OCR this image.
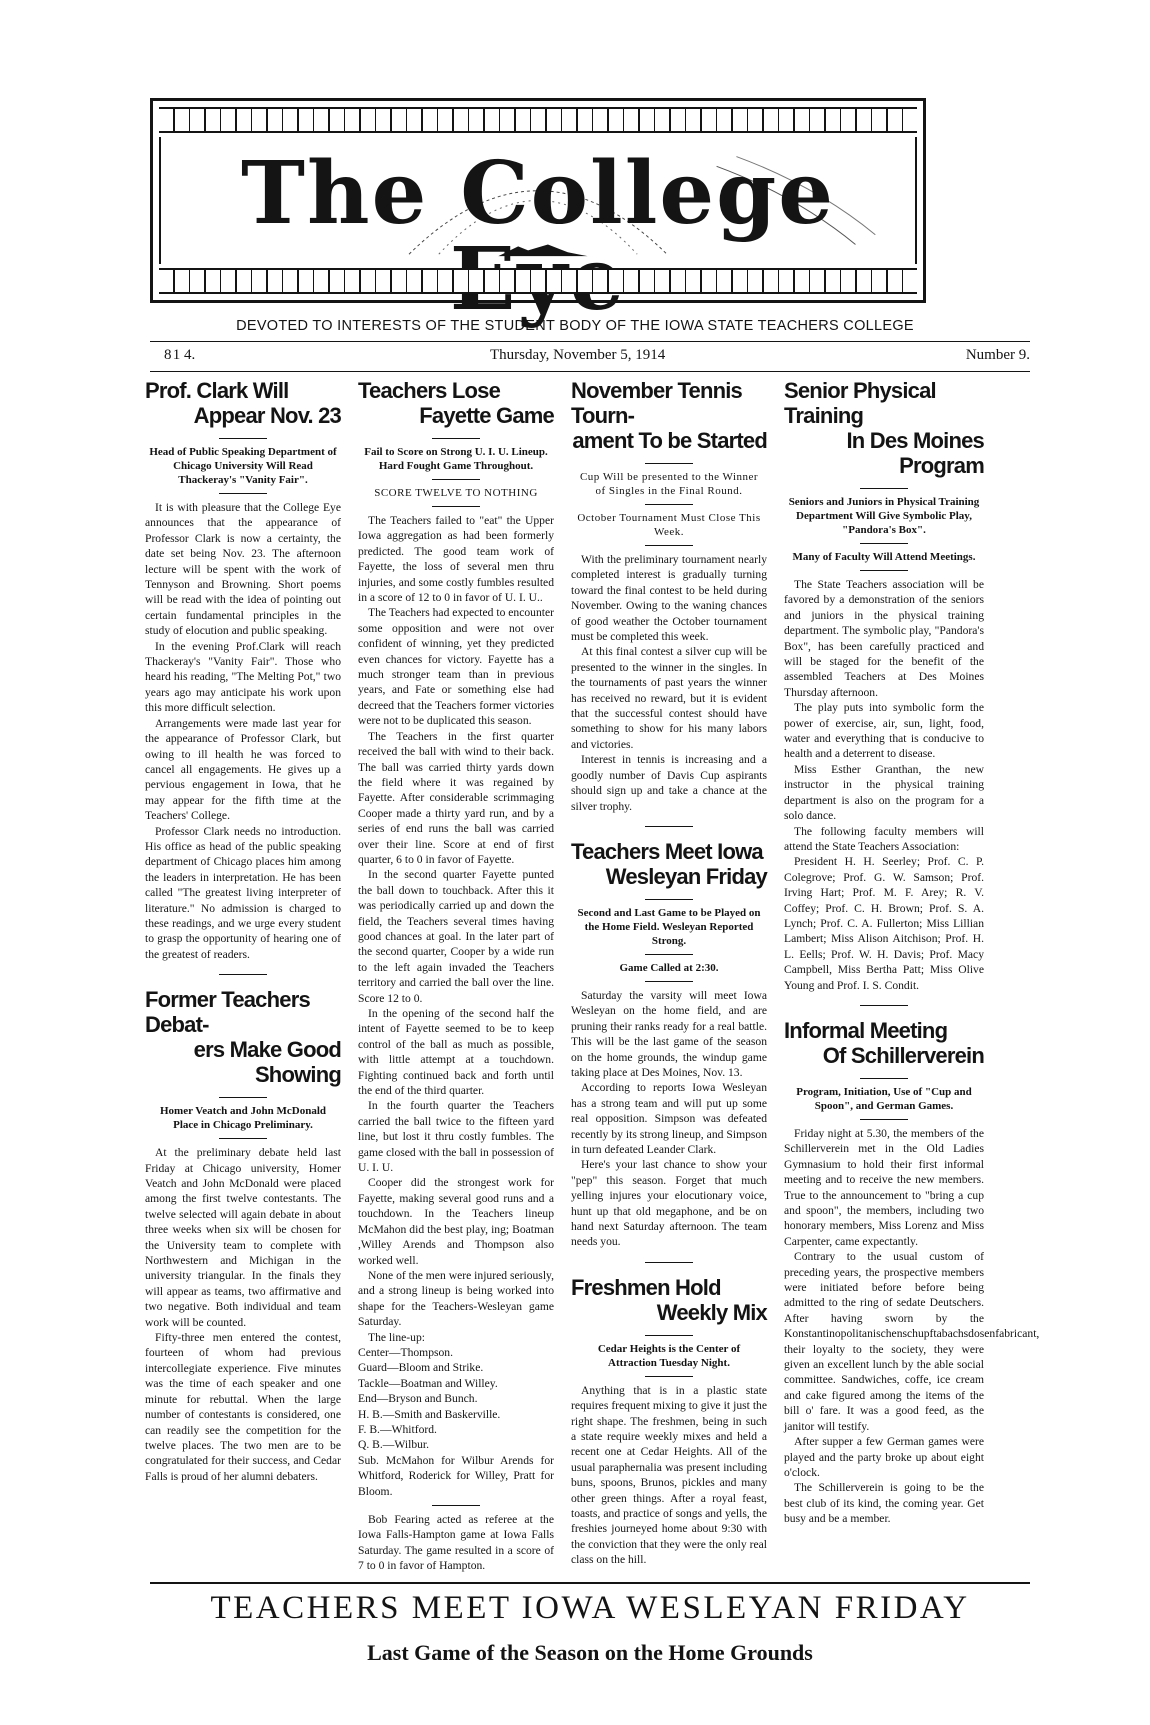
The College
DEVOTED TO INTERESTS OF THE STUDENT BODY OF THE IOWA STATE TEACHERS COLLEGE
8 1 4.	Thursday, November 5, 1914	Number 9.
Prof. Clark Will
Appear Nov. 23
Head of Public Speaking Department of Chicago University Will Read Thackeray's "Vanity Fair".

It is with pleasure that the College Eye announces that the appearance of Professor Clark is now a certainty, the date set being Nov. 23. The afternoon lecture will be spent with the work of Tennyson and Browning. Short poems will be read with the idea of pointing out certain fundamental principles in the study of elocution and public speaking.

In the evening Prof.Clark will reach Thackeray's "Vanity Fair". Those who heard his reading, "The Melting Pot," two years ago may anticipate his work upon this more difficult selection.

Arrangements were made last year for the appearance of Professor Clark, but owing to ill health he was forced to cancel all engagements. He gives up a pervious engagement in Iowa, that he may appear for the fifth time at the Teachers' College.

Professor Clark needs no introduction. His office as head of the public speaking department of Chicago places him among the leaders in interpretation. He has been called "The greatest living interpreter of literature." No admission is charged to these readings, and we urge every student to grasp the opportunity of hearing one of the greatest of readers.

Former Teachers Debat-
ers Make Good Showing
Homer Veatch and John McDonald Place in Chicago Preliminary.

At the preliminary debate held last Friday at Chicago university, Homer Veatch and John McDonald were placed among the first twelve contestants. The twelve selected will again debate in about three weeks when six will be chosen for the University team to complete with Northwestern and Michigan in the university triangular. In the finals they will appear as teams, two affirmative and two negative. Both individual and team work will be counted.

Fifty-three men entered the contest, fourteen of whom had previous intercollegiate experience. Five minutes was the time of each speaker and one minute for rebuttal. When the large number of contestants is considered, one can readily see the competition for the twelve places. The two men are to be congratulated for their success, and Cedar Falls is proud of her alumni debaters.

Teachers Lose
Fayette Game
Fail to Score on Strong U. I. U. Lineup. Hard Fought Game Throughout.
SCORE TWELVE TO NOTHING

The Teachers failed to "eat" the Upper Iowa aggregation as had been formerly predicted. The good team work of Fayette, the loss of several men thru injuries, and some costly fumbles resulted in a score of 12 to 0 in favor of U. I. U..

The Teachers had expected to encounter some opposition and were not over confident of winning, yet they predicted even chances for victory. Fayette has a much stronger team than in previous years, and Fate or something else had decreed that the Teachers former victories were not to be duplicated this season.

The Teachers in the first quarter received the ball with wind to their back. The ball was carried thirty yards down the field where it was regained by Fayette. After considerable scrimmaging Cooper made a thirty yard run, and by a series of end runs the ball was carried over their line. Score at end of first quarter, 6 to 0 in favor of Fayette.

In the second quarter Fayette punted the ball down to touchback. After this it was periodically carried up and down the field, the Teachers several times having good chances at goal. In the later part of the second quarter, Cooper by a wide run to the left again invaded the Teachers territory and carried the ball over the line. Score 12 to 0.

In the opening of the second half the intent of Fayette seemed to be to keep control of the ball as much as possible, with little attempt at a touchdown. Fighting continued back and forth until the end of the third quarter.

In the fourth quarter the Teachers carried the ball twice to the fifteen yard line, but lost it thru costly fumbles. The game closed with the ball in possession of U. I. U.

Cooper did the strongest work for Fayette, making several good runs and a touchdown. In the Teachers lineup McMahon did the best play, ing; Boatman ,Willey Arends and Thompson also worked well.

None of the men were injured seriously, and a strong lineup is being worked into shape for the Teachers-Wesleyan game Saturday.

The line-up:

Center—Thompson.

Guard—Bloom and Strike.

Tackle—Boatman and Willey.

End—Bryson and Bunch.

H. B.—Smith and Baskerville.

F. B.—Whitford.

Q. B.—Wilbur.

Sub. McMahon for Wilbur Arends for Whitford, Roderick for Willey, Pratt for Bloom.

Bob Fearing acted as referee at the Iowa Falls-Hampton game at Iowa Falls Saturday. The game resulted in a score of 7 to 0 in favor of Hampton.

November Tennis Tourn-
ament To be Started
Cup Will be presented to the Winner of Singles in the Final Round.
October Tournament Must Close This Week.

With the preliminary tournament nearly completed interest is gradually turning toward the final contest to be held during November. Owing to the waning chances of good weather the October tournament must be completed this week.

At this final contest a silver cup will be presented to the winner in the singles. In the tournaments of past years the winner has received no reward, but it is evident that the successful contest should have something to show for his many labors and victories.

Interest in tennis is increasing and a goodly number of Davis Cup aspirants should sign up and take a chance at the silver trophy.

Teachers Meet Iowa
Wesleyan Friday
Second and Last Game to be Played on the Home Field. Wesleyan Reported Strong.
Game Called at 2:30.

Saturday the varsity will meet Iowa Wesleyan on the home field, and are pruning their ranks ready for a real battle. This will be the last game of the season on the home grounds, the windup game taking place at Des Moines, Nov. 13.

According to reports Iowa Wesleyan has a strong team and will put up some real opposition. Simpson was defeated recently by its strong lineup, and Simpson in turn defeated Leander Clark.

Here's your last chance to show your "pep" this season. Forget that much yelling injures your elocutionary voice, hunt up that old megaphone, and be on hand next Saturday afternoon. The team needs you.

Freshmen Hold
Weekly Mix
Cedar Heights is the Center of Attraction Tuesday Night.

Anything that is in a plastic state requires frequent mixing to give it just the right shape. The freshmen, being in such a state require weekly mixes and held a recent one at Cedar Heights. All of the usual paraphernalia was present including buns, spoons, Brunos, pickles and many other green things. After a royal feast, toasts, and practice of songs and yells, the freshies journeyed home about 9:30 with the conviction that they were the only real class on the hill.

Senior Physical Training
In Des Moines Program
Seniors and Juniors in Physical Training Department Will Give Symbolic Play, "Pandora's Box".
Many of Faculty Will Attend Meetings.

The State Teachers association will be favored by a demonstration of the seniors and juniors in the physical training department. The symbolic play, "Pandora's Box", has been carefully practiced and will be staged for the benefit of the assembled Teachers at Des Moines Thursday afternoon.

The play puts into symbolic form the power of exercise, air, sun, light, food, water and everything that is conducive to health and a deterrent to disease.

Miss Esther Granthan, the new instructor in the physical training department is also on the program for a solo dance.

The following faculty members will attend the State Teachers Association:

President H. H. Seerley; Prof. C. P. Colegrove; Prof. G. W. Samson; Prof. Irving Hart; Prof. M. F. Arey; R. V. Coffey; Prof. C. H. Brown; Prof. S. A. Lynch; Prof. C. A. Fullerton; Miss Lillian Lambert; Miss Alison Aitchison; Prof. H. L. Eells; Prof. W. H. Davis; Prof. Macy Campbell, Miss Bertha Patt; Miss Olive Young and Prof. I. S. Condit.

Informal Meeting
Of Schillerverein
Program, Initiation, Use of "Cup and Spoon", and German Games.

Friday night at 5.30, the members of the Schillerverein met in the Old Ladies Gymnasium to hold their first informal meeting and to receive the new members. True to the announcement to "bring a cup and spoon", the members, including two honorary members, Miss Lorenz and Miss Carpenter, came expectantly.

Contrary to the usual custom of preceding years, the prospective members were initiated before before being admitted to the ring of sedate Deutschers. After having sworn by the Konstantinopolitanischenschupftabachsdosenfabricant, their loyalty to the society, they were given an excellent lunch by the able social committee. Sandwiches, coffe, ice cream and cake figured among the items of the bill o' fare. It was a good feed, as the janitor will testify.

After supper a few German games were played and the party broke up about eight o'clock.

The Schillerverein is going to be the best club of its kind, the coming year. Get busy and be a member.

TEACHERS MEET IOWA WESLEYAN FRIDAY
Last Game of the Season on the Home Grounds
